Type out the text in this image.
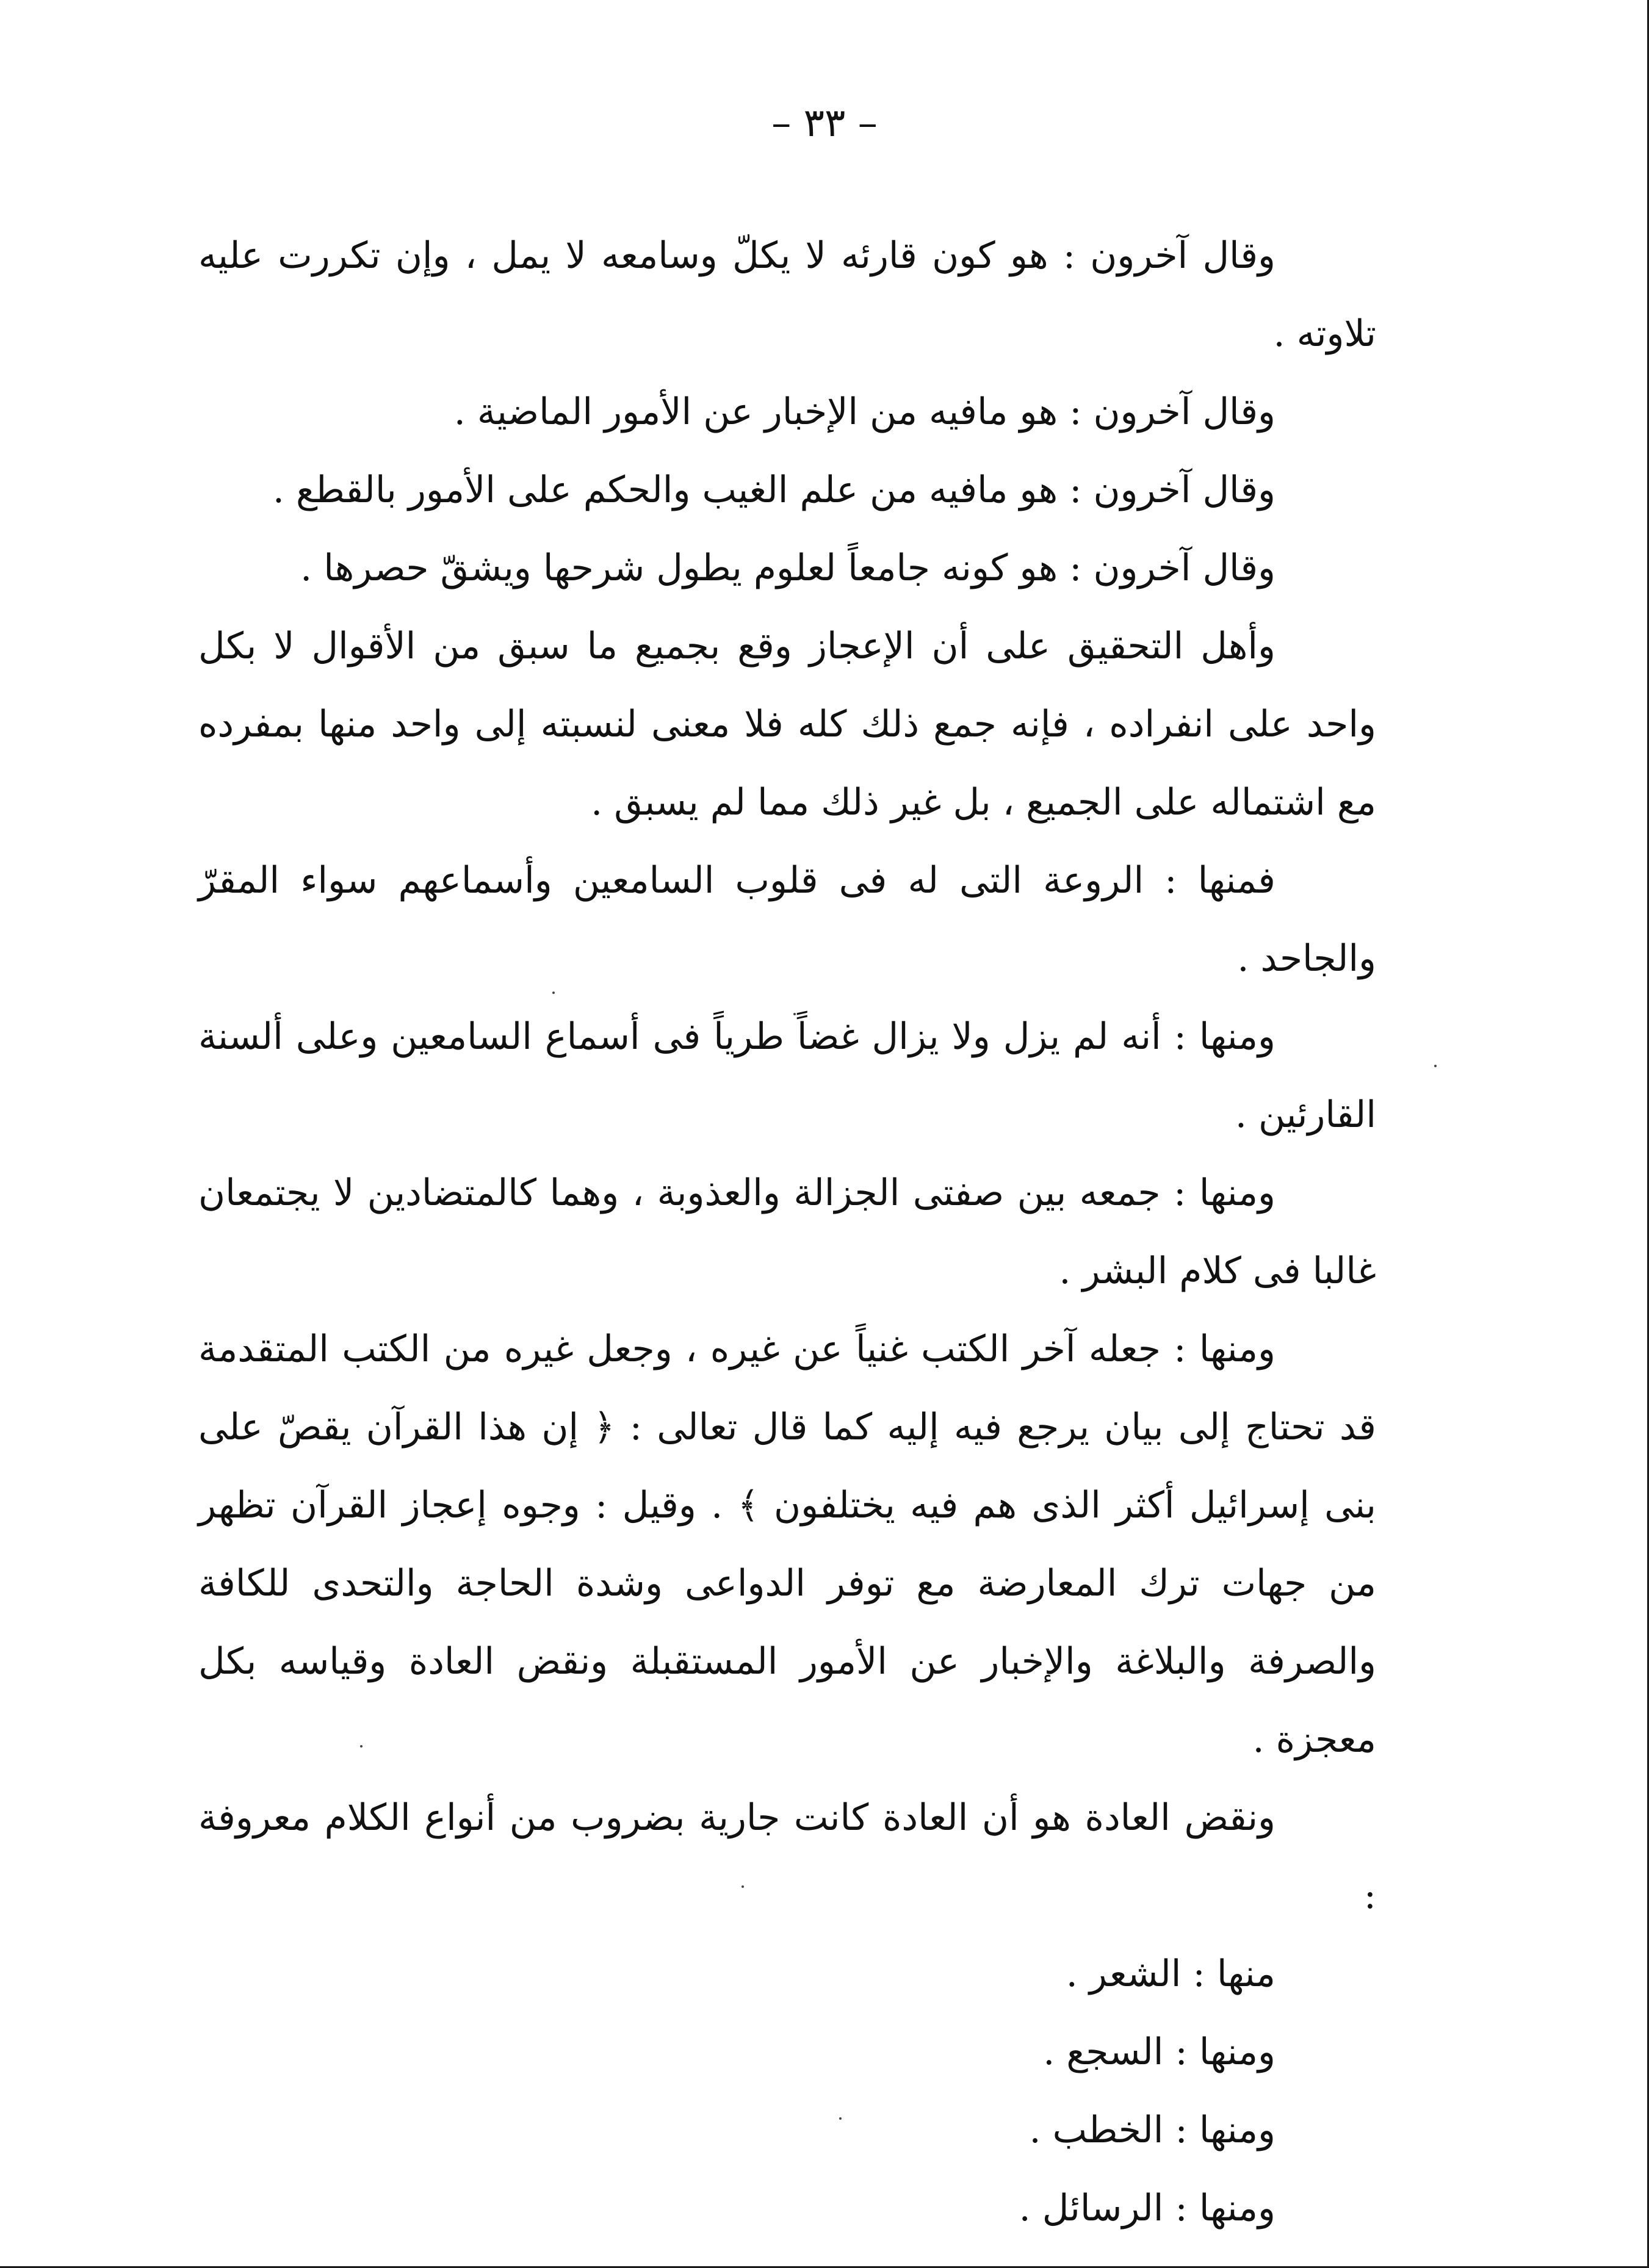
– ٣٣ –

وقال آخرون : هو كون قارئه لا يكلّ وسامعه لا يمل ، وإن تكررت عليه تلاوته .

وقال آخرون : هو مافيه من الإخبار عن الأمور الماضية .

وقال آخرون : هو مافيه من علم الغيب والحكم على الأمور بالقطع .

وقال آخرون : هو كونه جامعاً لعلوم يطول شرحها ويشقّ حصرها .

وأهل التحقيق على أن الإعجاز وقع بجميع ما سبق من الأقوال لا بكل واحد على انفراده ، فإنه جمع ذلك كله فلا معنى لنسبته إلى واحد منها بمفرده مع اشتماله على الجميع ، بل غير ذلك مما لم يسبق .

فمنها : الروعة التى له فى قلوب السامعين وأسماعهم سواء المقرّ والجاحد .

ومنها : أنه لم يزل ولا يزال غضاً طرياً فى أسماع السامعين وعلى ألسنة القارئين .

ومنها : جمعه بين صفتى الجزالة والعذوبة ، وهما كالمتضادين لا يجتمعان غالبا فى كلام البشر .

ومنها : جعله آخر الكتب غنياً عن غيره ، وجعل غيره من الكتب المتقدمة قد تحتاج إلى بيان يرجع فيه إليه كما قال تعالى : ﴿ إن هذا القرآن يقصّ على بنى إسرائيل أكثر الذى هم فيه يختلفون ﴾ . وقيل : وجوه إعجاز القرآن تظهر من جهات ترك المعارضة مع توفر الدواعى وشدة الحاجة والتحدى للكافة والصرفة والبلاغة والإخبار عن الأمور المستقبلة ونقض العادة وقياسه بكل معجزة .

ونقض العادة هو أن العادة كانت جارية بضروب من أنواع الكلام معروفة :

منها : الشعر .

ومنها : السجع .

ومنها : الخطب .

ومنها : الرسائل .
